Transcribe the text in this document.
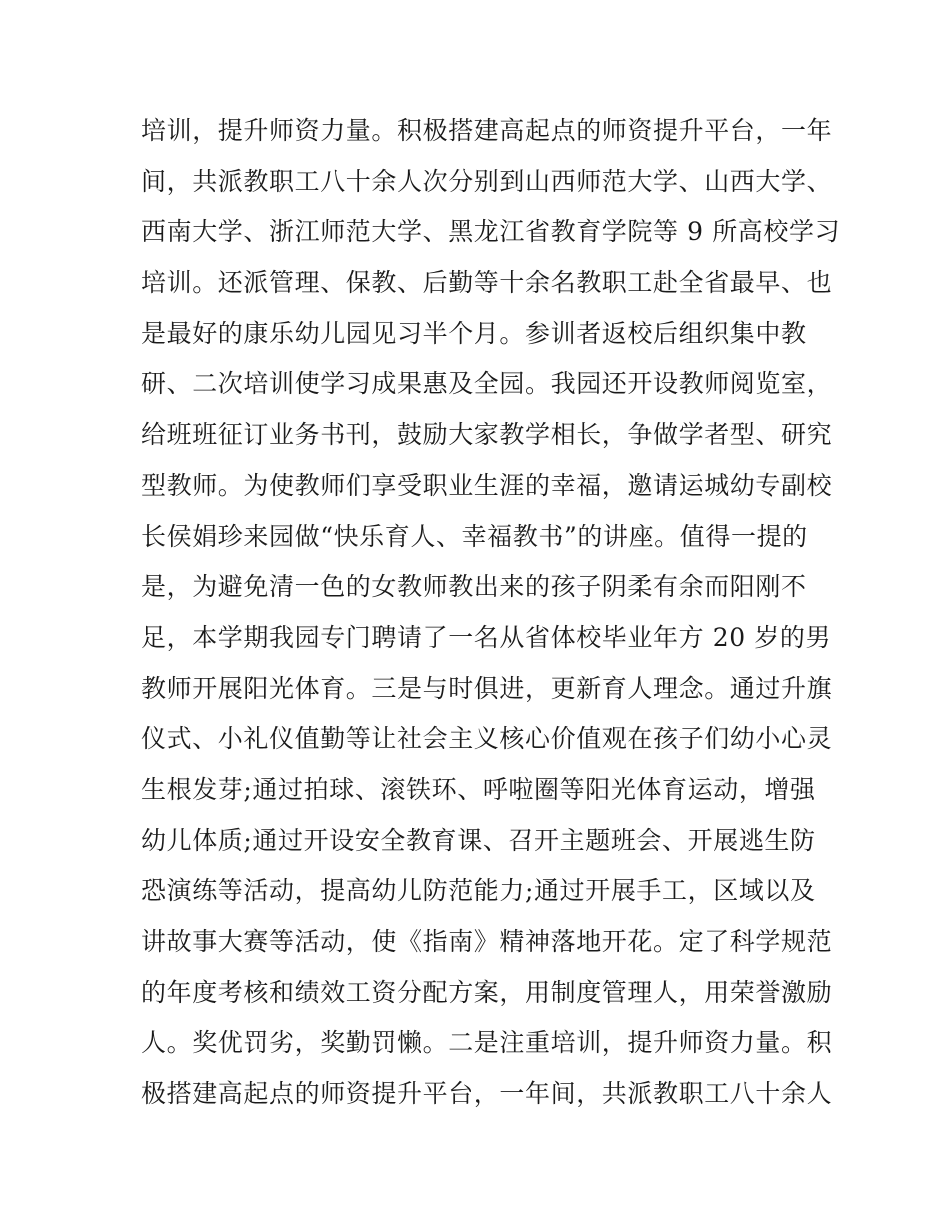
培训，提升师资力量。积极搭建高起点的师资提升平台，一年
间，共派教职工八十余人次分别到山西师范大学、山西大学、
西南大学、浙江师范大学、黑龙江省教育学院等 9 所高校学习
培训。还派管理、保教、后勤等十余名教职工赴全省最早、也
是最好的康乐幼儿园见习半个月。参训者返校后组织集中教
研、二次培训使学习成果惠及全园。我园还开设教师阅览室，
给班班征订业务书刊，鼓励大家教学相长，争做学者型、研究
型教师。为使教师们享受职业生涯的幸福，邀请运城幼专副校
长侯娟珍来园做“快乐育人、幸福教书”的讲座。值得一提的
是，为避免清一色的女教师教出来的孩子阴柔有余而阳刚不
足，本学期我园专门聘请了一名从省体校毕业年方 20 岁的男
教师开展阳光体育。三是与时俱进，更新育人理念。通过升旗
仪式、小礼仪值勤等让社会主义核心价值观在孩子们幼小心灵
生根发芽;通过拍球、滚铁环、呼啦圈等阳光体育运动，增强
幼儿体质;通过开设安全教育课、召开主题班会、开展逃生防
恐演练等活动，提高幼儿防范能力;通过开展手工，区域以及
讲故事大赛等活动，使《指南》精神落地开花。定了科学规范
的年度考核和绩效工资分配方案，用制度管理人，用荣誉激励
人。奖优罚劣，奖勤罚懒。二是注重培训，提升师资力量。积
极搭建高起点的师资提升平台，一年间，共派教职工八十余人
